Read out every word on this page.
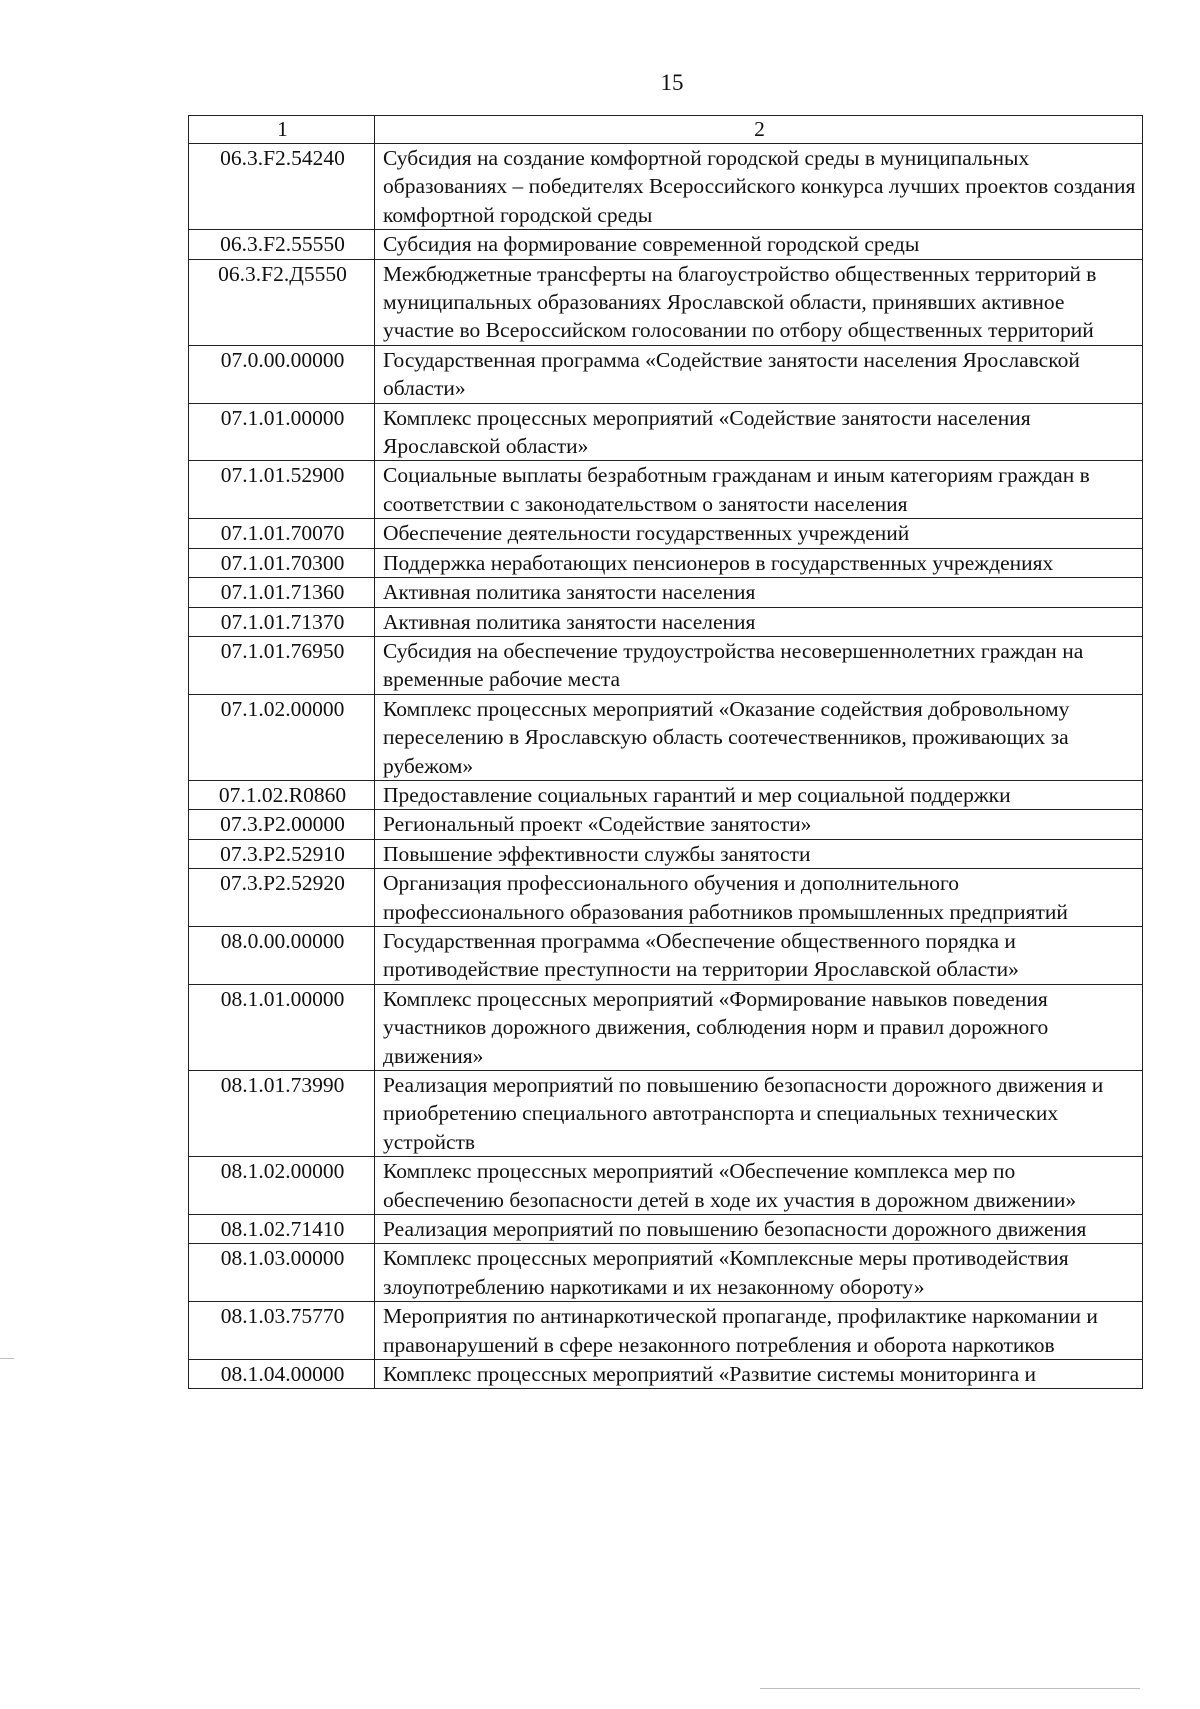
15
1	2
06.3.F2.54240	Субсидия на создание комфортной городской среды в муниципальных образованиях – победителях Всероссийского конкурса лучших проектов создания комфортной городской среды
06.3.F2.55550	Субсидия на формирование современной городской среды
06.3.F2.Д5550	Межбюджетные трансферты на благоустройство общественных территорий в муниципальных образованиях Ярославской области, принявших активное участие во Всероссийском голосовании по отбору общественных территорий
07.0.00.00000	Государственная программа «Содействие занятости населения Ярославской области»
07.1.01.00000	Комплекс процессных мероприятий «Содействие занятости населения Ярославской области»
07.1.01.52900	Социальные выплаты безработным гражданам и иным категориям граждан в соответствии с законодательством о занятости населения
07.1.01.70070	Обеспечение деятельности государственных учреждений
07.1.01.70300	Поддержка неработающих пенсионеров в государственных учреждениях
07.1.01.71360	Активная политика занятости населения
07.1.01.71370	Активная политика занятости населения
07.1.01.76950	Субсидия на обеспечение трудоустройства несовершеннолетних граждан на временные рабочие места
07.1.02.00000	Комплекс процессных мероприятий «Оказание содействия добровольному переселению в Ярославскую область соотечественников, проживающих за рубежом»
07.1.02.R0860	Предоставление социальных гарантий и мер социальной поддержки
07.3.P2.00000	Региональный проект «Содействие занятости»
07.3.P2.52910	Повышение эффективности службы занятости
07.3.P2.52920	Организация профессионального обучения и дополнительного профессионального образования работников промышленных предприятий
08.0.00.00000	Государственная программа «Обеспечение общественного порядка и противодействие преступности на территории Ярославской области»
08.1.01.00000	Комплекс процессных мероприятий «Формирование навыков поведения участников дорожного движения, соблюдения норм и правил дорожного движения»
08.1.01.73990	Реализация мероприятий по повышению безопасности дорожного движения и приобретению специального автотранспорта и специальных технических устройств
08.1.02.00000	Комплекс процессных мероприятий «Обеспечение комплекса мер по обеспечению безопасности детей в ходе их участия в дорожном движении»
08.1.02.71410	Реализация мероприятий по повышению безопасности дорожного движения
08.1.03.00000	Комплекс процессных мероприятий «Комплексные меры противодействия злоупотреблению наркотиками и их незаконному обороту»
08.1.03.75770	Мероприятия по антинаркотической пропаганде, профилактике наркомании и правонарушений в сфере незаконного потребления и оборота наркотиков
08.1.04.00000	Комплекс процессных мероприятий «Развитие системы мониторинга и
